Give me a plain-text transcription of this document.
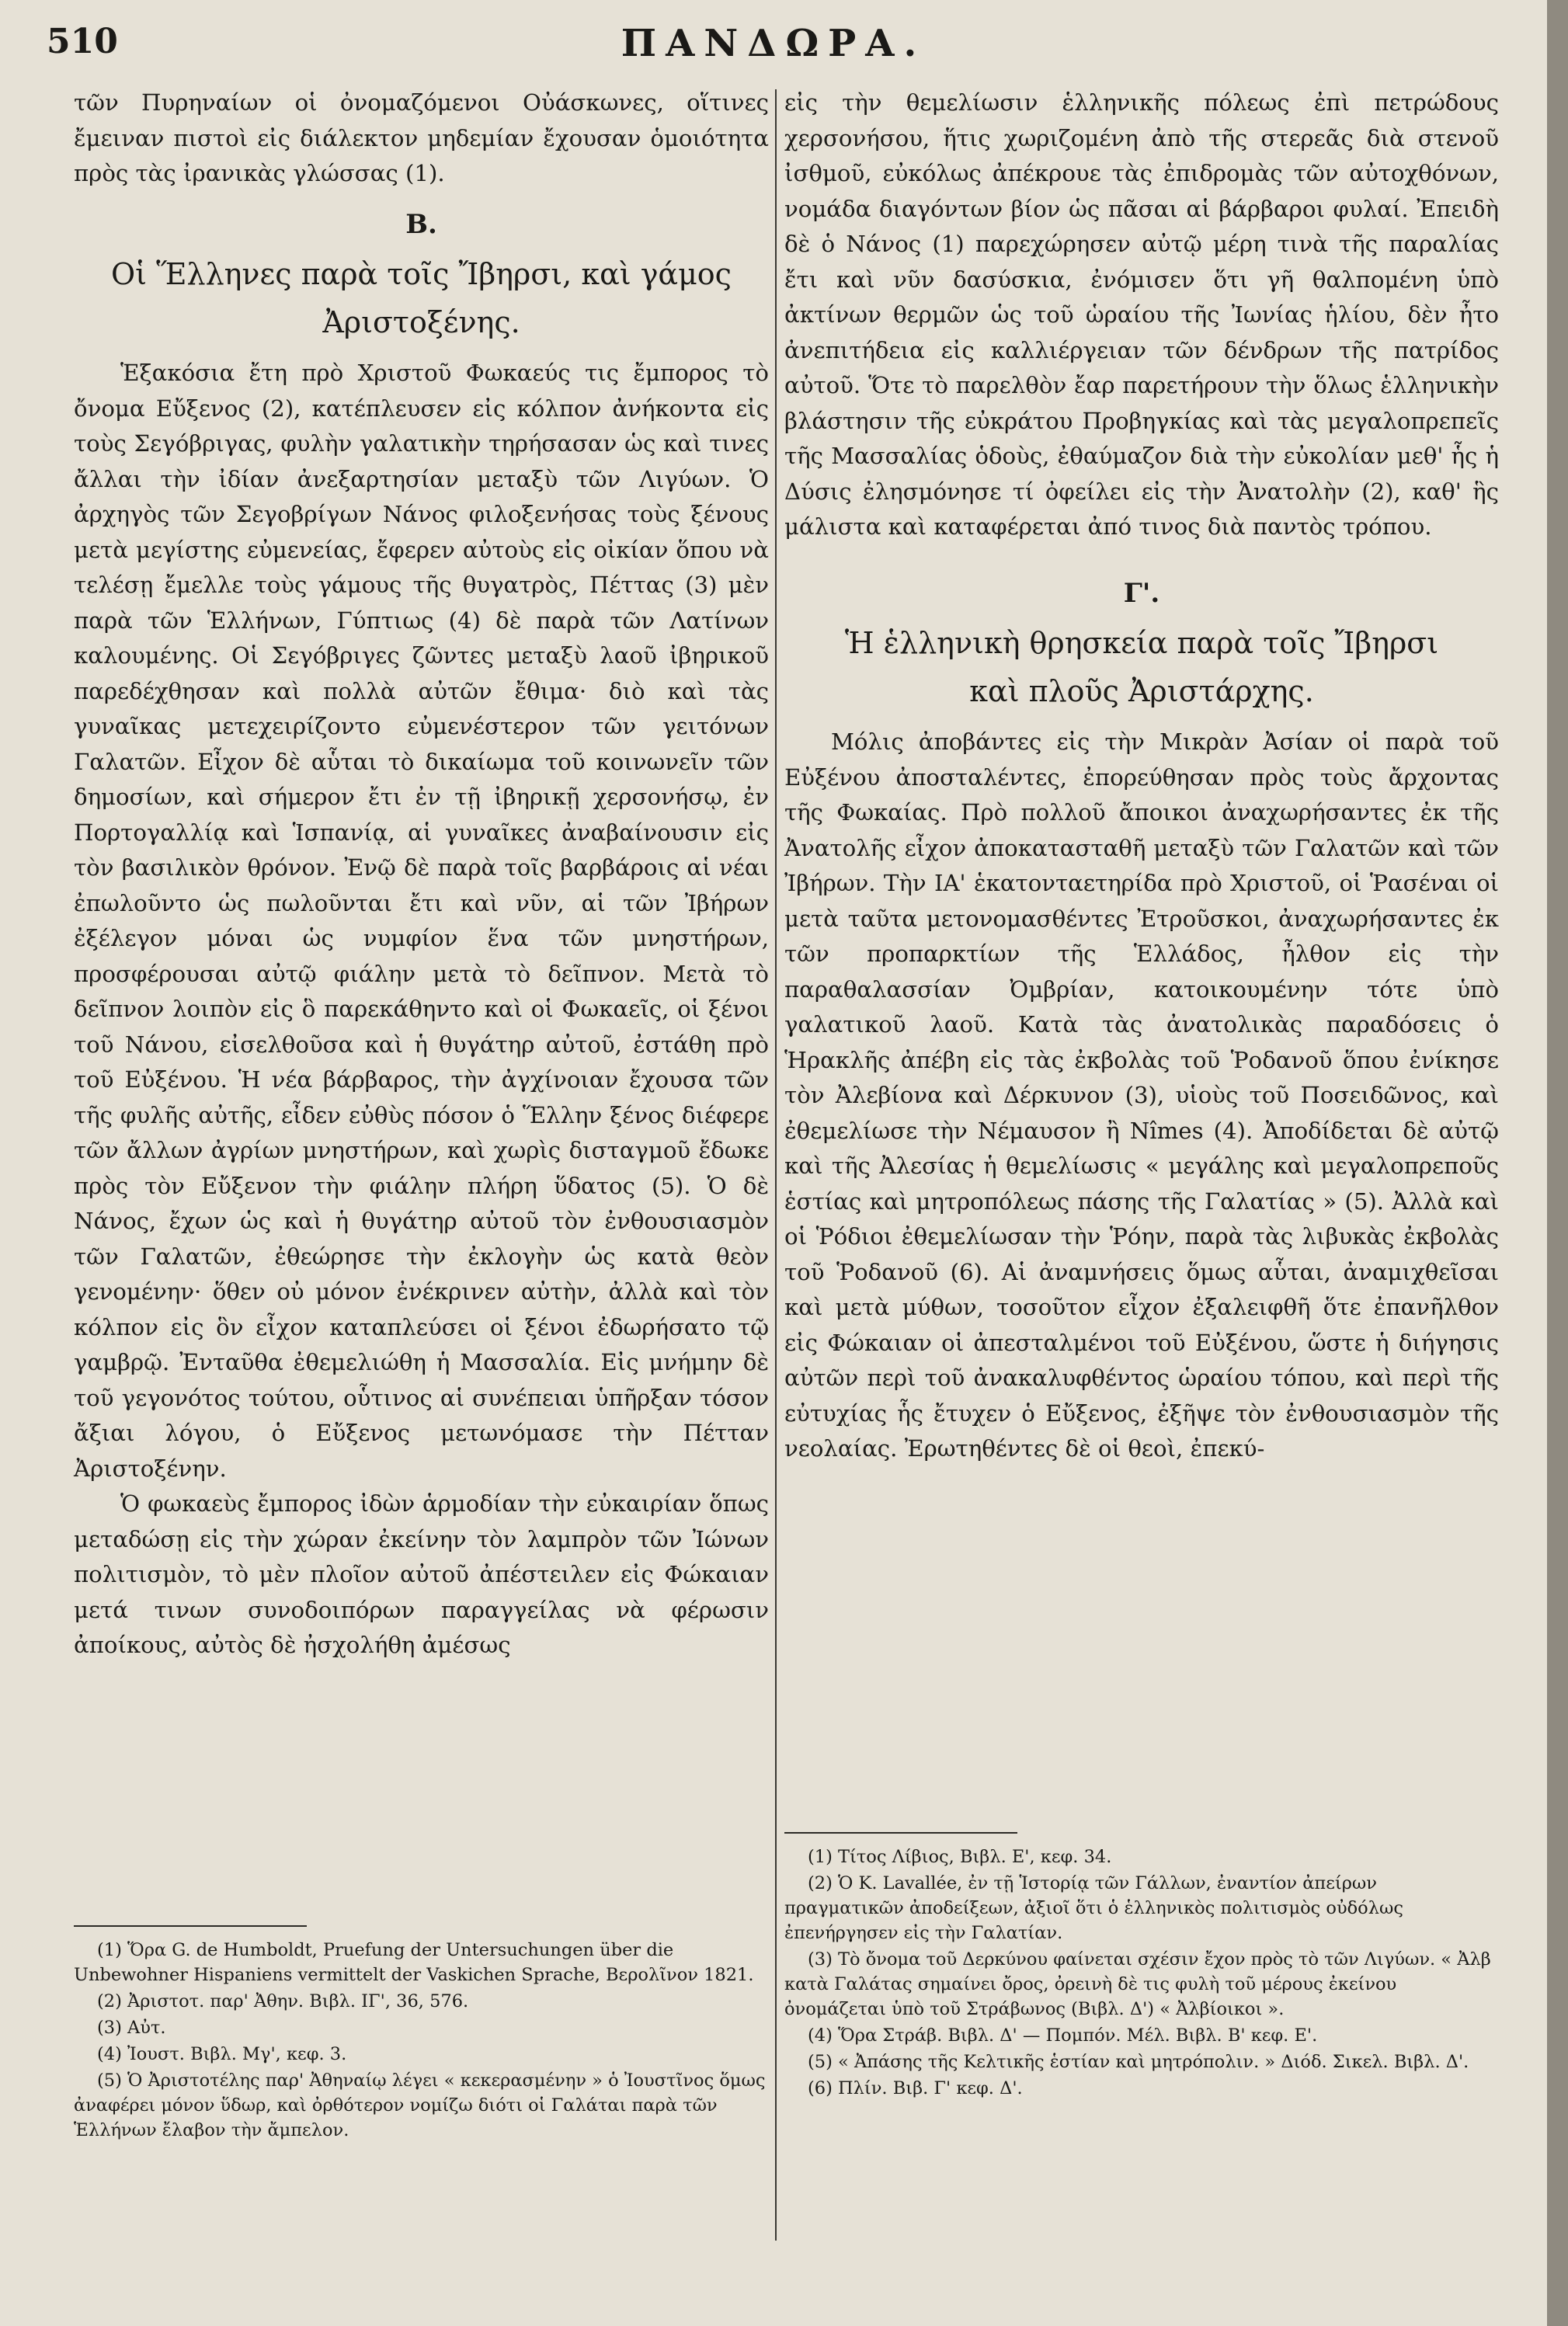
510	ΠΑΝΔΩΡΑ.

τῶν Πυρηναίων οἱ ὀνομαζόμενοι Οὐάσκωνες, οἵτινες ἔμειναν πιστοὶ εἰς διάλεκτον μηδεμίαν ἔχουσαν ὁμοιότητα πρὸς τὰς ἰρανικὰς γλώσσας (1).

Β.
Οἱ Ἕλληνες παρὰ τοῖς Ἴβηρσι, καὶ γάμος
Ἀριστοξένης.

Ἑξακόσια ἔτη πρὸ Χριστοῦ Φωκαεύς τις ἔμπορος τὸ ὄνομα Εὔξενος (2), κατέπλευσεν εἰς κόλπον ἀνήκοντα εἰς τοὺς Σεγόβριγας, φυλὴν γαλατικὴν τηρήσασαν ὡς καὶ τινες ἄλλαι τὴν ἰδίαν ἀνεξαρτησίαν μεταξὺ τῶν Λιγύων. Ὁ ἀρχηγὸς τῶν Σεγοβρίγων Νάνος φιλοξενήσας τοὺς ξένους μετὰ μεγίστης εὐμενείας, ἔφερεν αὐτοὺς εἰς οἰκίαν ὅπου νὰ τελέσῃ ἔμελλε τοὺς γάμους τῆς θυγατρὸς, Πέττας (3) μὲν παρὰ τῶν Ἑλλήνων, Γύπτιως (4) δὲ παρὰ τῶν Λατίνων καλουμένης. Οἱ Σεγόβριγες ζῶντες μεταξὺ λαοῦ ἰβηρικοῦ παρεδέχθησαν καὶ πολλὰ αὐτῶν ἔθιμα· διὸ καὶ τὰς γυναῖκας μετεχειρίζοντο εὐμενέστερον τῶν γειτόνων Γαλατῶν. Εἶχον δὲ αὗται τὸ δικαίωμα τοῦ κοινωνεῖν τῶν δημοσίων, καὶ σήμερον ἔτι ἐν τῇ ἰβηρικῇ χερσονήσῳ, ἐν Πορτογαλλίᾳ καὶ Ἱσπανίᾳ, αἱ γυναῖκες ἀναβαίνουσιν εἰς τὸν βασιλικὸν θρόνον. Ἐνῷ δὲ παρὰ τοῖς βαρβάροις αἱ νέαι ἐπωλοῦντο ὡς πωλοῦνται ἔτι καὶ νῦν, αἱ τῶν Ἰβήρων ἐξέλεγον μόναι ὡς νυμφίον ἕνα τῶν μνηστήρων, προσφέρουσαι αὐτῷ φιάλην μετὰ τὸ δεῖπνον. Μετὰ τὸ δεῖπνον λοιπὸν εἰς ὃ παρεκάθηντο καὶ οἱ Φωκαεῖς, οἱ ξένοι τοῦ Νάνου, εἰσελθοῦσα καὶ ἡ θυγάτηρ αὐτοῦ, ἐστάθη πρὸ τοῦ Εὐξένου. Ἡ νέα βάρβαρος, τὴν ἀγχίνοιαν ἔχουσα τῶν τῆς φυλῆς αὐτῆς, εἶδεν εὐθὺς πόσον ὁ Ἕλλην ξένος διέφερε τῶν ἄλλων ἀγρίων μνηστήρων, καὶ χωρὶς δισταγμοῦ ἔδωκε πρὸς τὸν Εὔξενον τὴν φιάλην πλήρη ὕδατος (5). Ὁ δὲ Νάνος, ἔχων ὡς καὶ ἡ θυγάτηρ αὐτοῦ τὸν ἐνθουσιασμὸν τῶν Γαλατῶν, ἐθεώρησε τὴν ἐκλογὴν ὡς κατὰ θεὸν γενομένην· ὅθεν οὐ μόνον ἐνέκρινεν αὐτὴν, ἀλλὰ καὶ τὸν κόλπον εἰς ὃν εἶχον καταπλεύσει οἱ ξένοι ἐδωρήσατο τῷ γαμβρῷ. Ἐνταῦθα ἐθεμελιώθη ἡ Μασσαλία. Εἰς μνήμην δὲ τοῦ γεγονότος τούτου, οὗτινος αἱ συνέπειαι ὑπῆρξαν τόσον ἄξιαι λόγου, ὁ Εὔξενος μετωνόμασε τὴν Πέτταν Ἀριστοξένην.

Ὁ φωκαεὺς ἔμπορος ἰδὼν ἁρμοδίαν τὴν εὐκαιρίαν ὅπως μεταδώσῃ εἰς τὴν χώραν ἐκείνην τὸν λαμπρὸν τῶν Ἰώνων πολιτισμὸν, τὸ μὲν πλοῖον αὐτοῦ ἀπέστειλεν εἰς Φώκαιαν μετά τινων συνοδοιπόρων παραγγείλας νὰ φέρωσιν ἀποίκους, αὐτὸς δὲ ἠσχολήθη ἀμέσως

(1) Ὅρα G. de Humboldt, Pruefung der Untersuchungen über die Unbewohner Hispaniens vermittelt der Vaskichen Sprache, Βερολῖνον 1821.

(2) Ἀριστοτ. παρ' Ἀθην. Βιβλ. ΙΓ', 36, 576.

(3) Αὐτ.

(4) Ἰουστ. Βιβλ. Μγ', κεφ. 3.

(5) Ὁ Ἀριστοτέλης παρ' Ἀθηναίῳ λέγει « κεκερασμένην » ὁ Ἰουστῖνος ὅμως ἀναφέρει μόνον ὕδωρ, καὶ ὀρθότερον νομίζω διότι οἱ Γαλάται παρὰ τῶν Ἑλλήνων ἔλαβον τὴν ἄμπελον.

εἰς τὴν θεμελίωσιν ἑλληνικῆς πόλεως ἐπὶ πετρώδους χερσονήσου, ἥτις χωριζομένη ἀπὸ τῆς στερεᾶς διὰ στενοῦ ἰσθμοῦ, εὐκόλως ἀπέκρουε τὰς ἐπιδρομὰς τῶν αὐτοχθόνων, νομάδα διαγόντων βίον ὡς πᾶσαι αἱ βάρβαροι φυλαί. Ἐπειδὴ δὲ ὁ Νάνος (1) παρεχώρησεν αὐτῷ μέρη τινὰ τῆς παραλίας ἔτι καὶ νῦν δασύσκια, ἐνόμισεν ὅτι γῆ θαλπομένη ὑπὸ ἀκτίνων θερμῶν ὡς τοῦ ὡραίου τῆς Ἰωνίας ἡλίου, δὲν ἦτο ἀνεπιτήδεια εἰς καλλιέργειαν τῶν δένδρων τῆς πατρίδος αὐτοῦ. Ὅτε τὸ παρελθὸν ἔαρ παρετήρουν τὴν ὅλως ἑλληνικὴν βλάστησιν τῆς εὐκράτου Προβηγκίας καὶ τὰς μεγαλοπρεπεῖς τῆς Μασσαλίας ὁδοὺς, ἐθαύμαζον διὰ τὴν εὐκολίαν μεθ' ἧς ἡ Δύσις ἐλησμόνησε τί ὀφείλει εἰς τὴν Ἀνατολὴν (2), καθ' ἣς μάλιστα καὶ καταφέρεται ἀπό τινος διὰ παντὸς τρόπου.

Γ'.
Ἡ ἑλληνικὴ θρησκεία παρὰ τοῖς Ἴβηρσι
καὶ πλοῦς Ἀριστάρχης.

Μόλις ἀποβάντες εἰς τὴν Μικρὰν Ἀσίαν οἱ παρὰ τοῦ Εὐξένου ἀποσταλέντες, ἐπορεύθησαν πρὸς τοὺς ἄρχοντας τῆς Φωκαίας. Πρὸ πολλοῦ ἄποικοι ἀναχωρήσαντες ἐκ τῆς Ἀνατολῆς εἶχον ἀποκατασταθῆ μεταξὺ τῶν Γαλατῶν καὶ τῶν Ἰβήρων. Τὴν ΙΑ' ἑκατονταετηρίδα πρὸ Χριστοῦ, οἱ Ῥασέναι οἱ μετὰ ταῦτα μετονομασθέντες Ἐτροῦσκοι, ἀναχωρήσαντες ἐκ τῶν προπαρκτίων τῆς Ἑλλάδος, ἦλθον εἰς τὴν παραθαλασσίαν Ὀμβρίαν, κατοικουμένην τότε ὑπὸ γαλατικοῦ λαοῦ. Κατὰ τὰς ἀνατολικὰς παραδόσεις ὁ Ἡρακλῆς ἀπέβη εἰς τὰς ἐκβολὰς τοῦ Ῥοδανοῦ ὅπου ἐνίκησε τὸν Ἀλεβίονα καὶ Δέρκυνον (3), υἱοὺς τοῦ Ποσειδῶνος, καὶ ἐθεμελίωσε τὴν Νέμαυσον ἢ Nîmes (4). Ἀποδίδεται δὲ αὐτῷ καὶ τῆς Ἀλεσίας ἡ θεμελίωσις « μεγάλης καὶ μεγαλοπρεποῦς ἑστίας καὶ μητροπόλεως πάσης τῆς Γαλατίας » (5). Ἀλλὰ καὶ οἱ Ῥόδιοι ἐθεμελίωσαν τὴν Ῥόην, παρὰ τὰς λιβυκὰς ἐκβολὰς τοῦ Ῥοδανοῦ (6). Αἱ ἀναμνήσεις ὅμως αὗται, ἀναμιχθεῖσαι καὶ μετὰ μύθων, τοσοῦτον εἶχον ἐξαλειφθῆ ὅτε ἐπανῆλθον εἰς Φώκαιαν οἱ ἀπεσταλμένοι τοῦ Εὐξένου, ὥστε ἡ διήγησις αὐτῶν περὶ τοῦ ἀνακαλυφθέντος ὡραίου τόπου, καὶ περὶ τῆς εὐτυχίας ἧς ἔτυχεν ὁ Εὔξενος, ἐξῆψε τὸν ἐνθουσιασμὸν τῆς νεολαίας. Ἐρωτηθέντες δὲ οἱ θεοὶ, ἐπεκύ-

(1) Τίτος Λίβιος, Βιβλ. Ε', κεφ. 34.

(2) Ὁ Κ. Lavallée, ἐν τῇ Ἱστορίᾳ τῶν Γάλλων, ἐναντίον ἀπείρων πραγματικῶν ἀποδείξεων, ἀξιοῖ ὅτι ὁ ἑλληνικὸς πολιτισμὸς οὐδόλως ἐπενήργησεν εἰς τὴν Γαλατίαν.

(3) Τὸ ὄνομα τοῦ Δερκύνου φαίνεται σχέσιν ἔχον πρὸς τὸ τῶν Λιγύων. « Ἀλβ κατὰ Γαλάτας σημαίνει ὄρος, ὀρεινὴ δὲ τις φυλὴ τοῦ μέρους ἐκείνου ὀνομάζεται ὑπὸ τοῦ Στράβωνος (Βιβλ. Δ') « Ἀλβίοικοι ».

(4) Ὅρα Στράβ. Βιβλ. Δ' — Πομπόν. Μέλ. Βιβλ. Β' κεφ. Ε'.

(5) « Ἀπάσης τῆς Κελτικῆς ἑστίαν καὶ μητρόπολιν. » Διόδ. Σικελ. Βιβλ. Δ'.

(6) Πλίν. Βιβ. Γ' κεφ. Δ'.
